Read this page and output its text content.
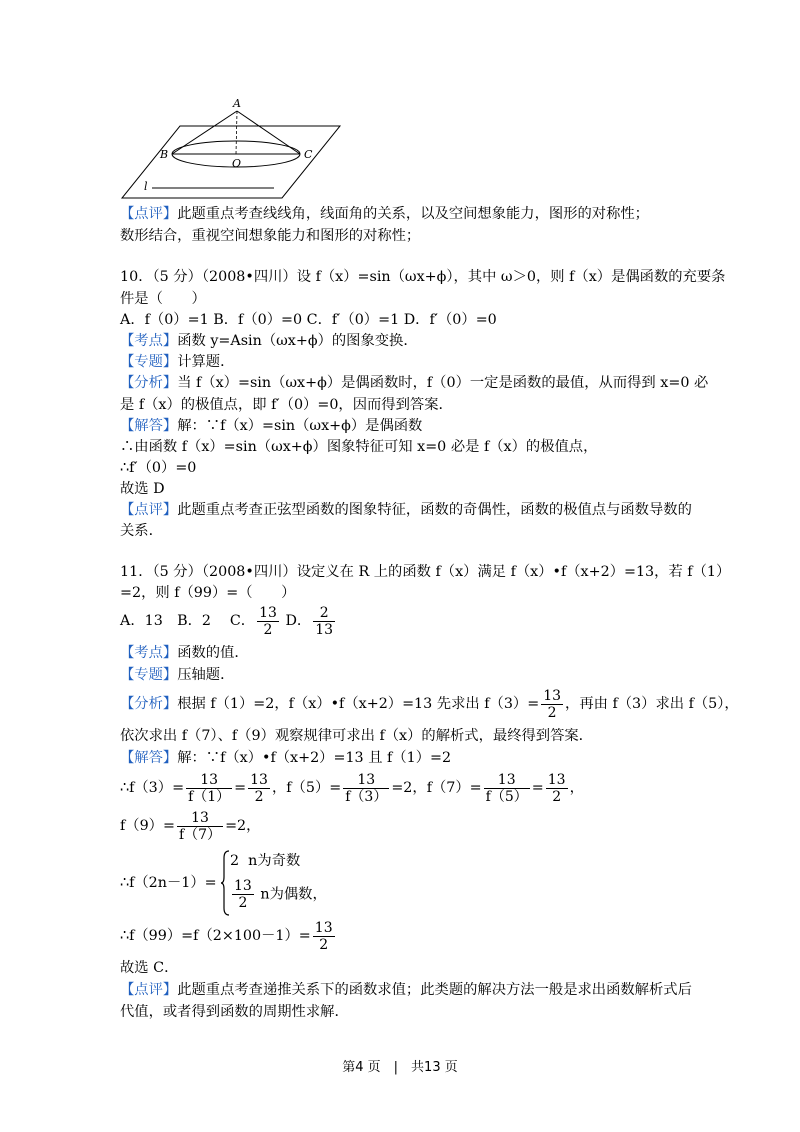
A
B	C
O
l
【点评】此题重点考查线线角，线面角的关系，以及空间想象能力，图形的对称性；
数形结合，重视空间想象能力和图形的对称性；
10．（5 分）（2008•四川）设 f（x）=sin（ωx+ϕ），其中 ω＞0，则 f（x）是偶函数的充要条
件是（　　）
A．f（0）=1 B．f（0）=0 C．f′（0）=1 D．f′（0）=0
【考点】函数 y=Asin（ωx+ϕ）的图象变换．
【专题】计算题．
【分析】当 f（x）=sin（ωx+ϕ）是偶函数时，f（0）一定是函数的最值，从而得到 x=0 必
是 f（x）的极值点，即 f′（0）=0，因而得到答案．
【解答】解：∵f（x）=sin（ωx+ϕ）是偶函数
∴由函数 f（x）=sin（ωx+ϕ）图象特征可知 x=0 必是 f（x）的极值点，
∴f′（0）=0
故选 D
【点评】此题重点考查正弦型函数的图象特征，函数的奇偶性，函数的极值点与函数导数的
关系．
11．（5 分）（2008•四川）设定义在 R 上的函数 f（x）满足 f（x）•f（x+2）=13，若 f（1）
=2，则 f（99）=（　　）
A．13　B．2　 C． $\frac{13}{2}$ D． $\frac{2}{13}$
【考点】函数的值．
【专题】压轴题．
【分析】根据 f（1）=2，f（x）•f（x+2）=13 先求出 $f(3)= \frac{13}{2}$ ，再由 f（3）求出 f（5），
依次求出 f（7）、f（9）观察规律可求出 f（x）的解析式，最终得到答案．
【解答】解：∵f（x）•f（x+2）=13 且 f（1）=2
∴f（3）= $\frac{13}{f(1)} = \frac{13}{2}$ ，$f(5)= \frac{13}{f(3)} =2$，$f(7)= \frac{13}{f(5)} = \frac{13}{2}$ ，
$f(9)= \frac{13}{f(7)} =2$，
∴f（2n－1）=
2  n为奇数
$\frac{13}{2}$ n为偶数，
∴f（99）=f（2×100－1）= $\frac{13}{2}$
故选 C．
【点评】此题重点考查递推关系下的函数求值；此类题的解决方法一般是求出函数解析式后
代值，或者得到函数的周期性求解．
第4 页　|　共13 页
